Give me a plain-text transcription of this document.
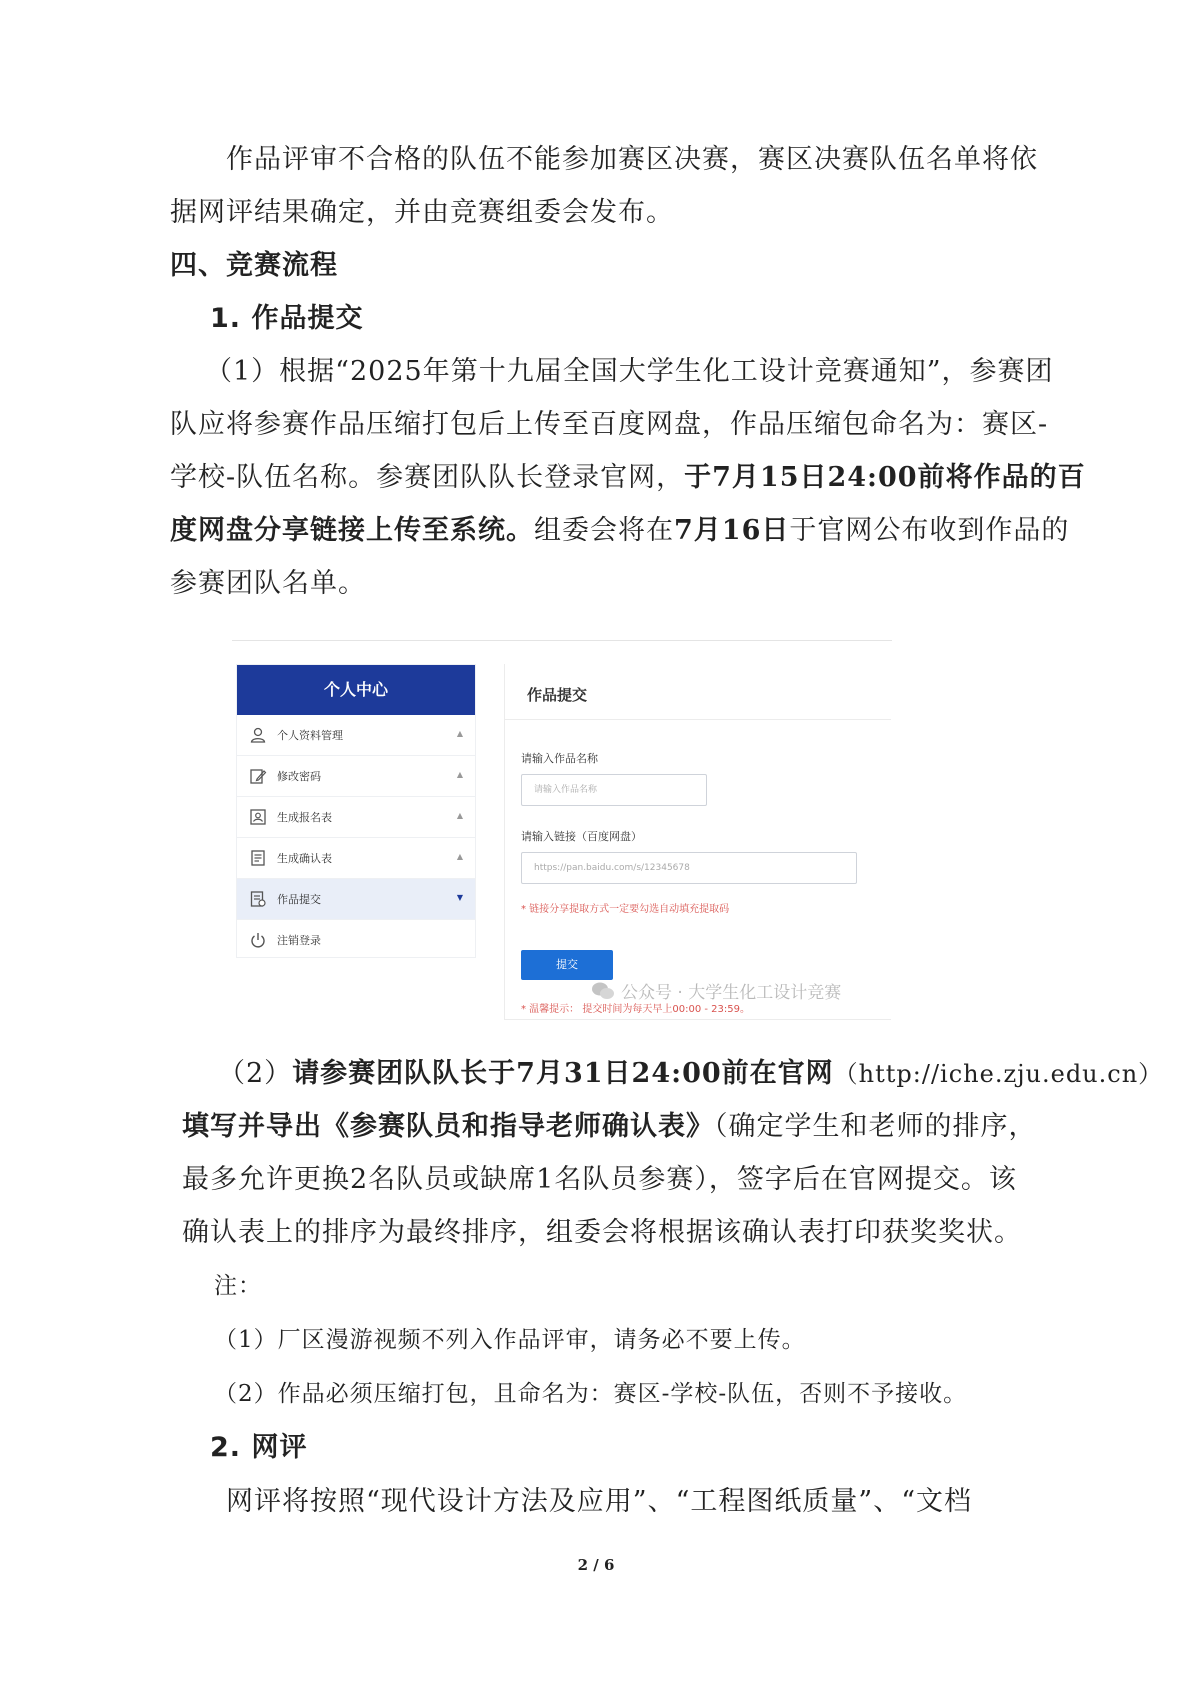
作品评审不合格的队伍不能参加赛区决赛，赛区决赛队伍名单将依
据网评结果确定，并由竞赛组委会发布。
四、竞赛流程
1. 作品提交
（1）根据“2025年第十九届全国大学生化工设计竞赛通知”，参赛团
队应将参赛作品压缩打包后上传至百度网盘，作品压缩包命名为：赛区-
学校-队伍名称。参赛团队队长登录官网，于7月15日24:00前将作品的百
度网盘分享链接上传至系统。组委会将在7月16日于官网公布收到作品的
参赛团队名单。
个人中心
个人资料管理	▲
修改密码	▲
生成报名表	▲
生成确认表	▲
作品提交	▼
注销登录
作品提交
请输入作品名称
请输入作品名称
请输入链接（百度网盘）
https://pan.baidu.com/s/12345678
* 链接分享提取方式一定要勾选自动填充提取码
提交
公众号 · 大学生化工设计竞赛
* 温馨提示： 提交时间为每天早上00:00 - 23:59。
（2）请参赛团队队长于7月31日24:00前在官网（http://iche.zju.edu.cn）
填写并导出《参赛队员和指导老师确认表》（确定学生和老师的排序，
最多允许更换2名队员或缺席1名队员参赛），签字后在官网提交。该
确认表上的排序为最终排序，组委会将根据该确认表打印获奖奖状。
注：
（1）厂区漫游视频不列入作品评审，请务必不要上传。
（2）作品必须压缩打包，且命名为：赛区-学校-队伍，否则不予接收。
2. 网评
网评将按照“现代设计方法及应用”、“工程图纸质量”、“文档
2 / 6
